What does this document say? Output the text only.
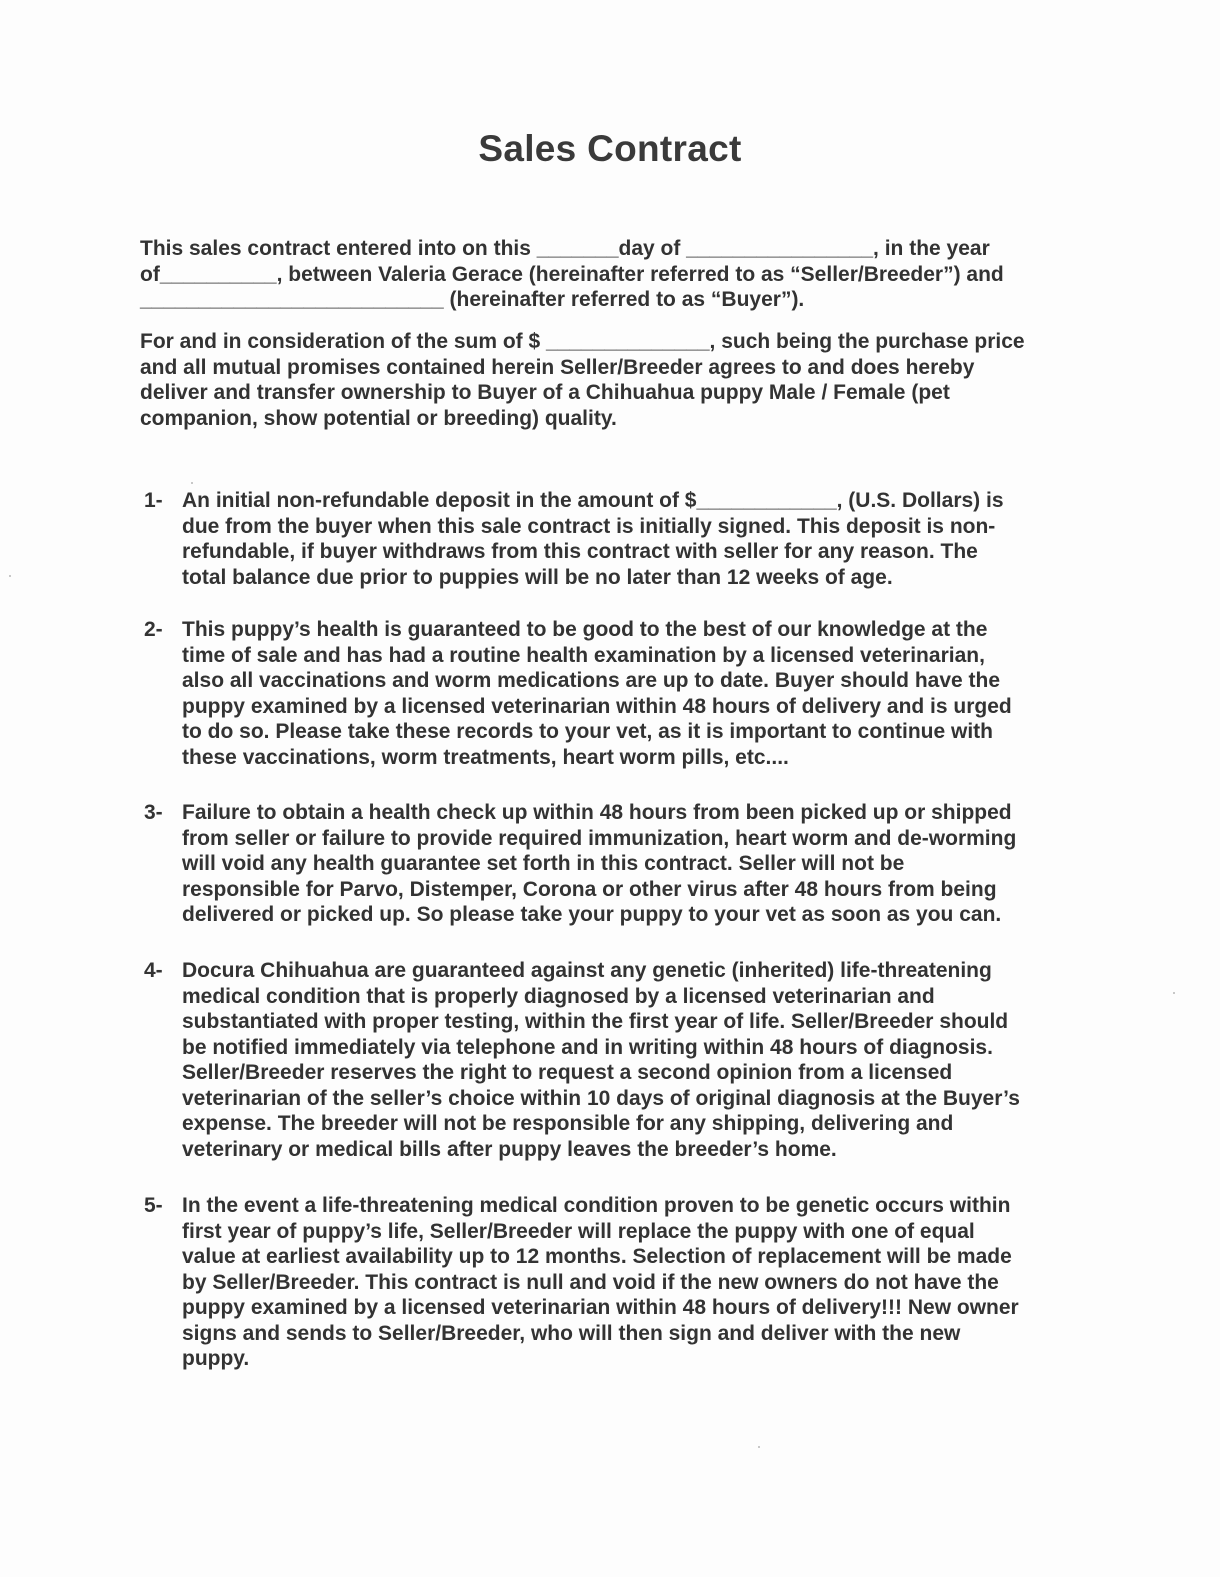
Sales Contract
This sales contract entered into on this _______day of ________________, in the year
of__________, between Valeria Gerace (hereinafter referred to as “Seller/Breeder”) and
__________________________ (hereinafter referred to as “Buyer”).
For and in consideration of the sum of $ ______________, such being the purchase price
and all mutual promises contained herein Seller/Breeder agrees to and does hereby
deliver and transfer ownership to Buyer of a Chihuahua puppy Male / Female (pet
companion, show potential or breeding) quality.
1- An initial non-refundable deposit in the amount of $____________, (U.S. Dollars) is
due from the buyer when this sale contract is initially signed. This deposit is non-
refundable, if buyer withdraws from this contract with seller for any reason. The
total balance due prior to puppies will be no later than 12 weeks of age.
2- This puppy’s health is guaranteed to be good to the best of our knowledge at the
time of sale and has had a routine health examination by a licensed veterinarian,
also all vaccinations and worm medications are up to date. Buyer should have the
puppy examined by a licensed veterinarian within 48 hours of delivery and is urged
to do so. Please take these records to your vet, as it is important to continue with
these vaccinations, worm treatments, heart worm pills, etc....
3- Failure to obtain a health check up within 48 hours from been picked up or shipped
from seller or failure to provide required immunization, heart worm and de-worming
will void any health guarantee set forth in this contract. Seller will not be
responsible for Parvo, Distemper, Corona or other virus after 48 hours from being
delivered or picked up. So please take your puppy to your vet as soon as you can.
4- Docura Chihuahua are guaranteed against any genetic (inherited) life-threatening
medical condition that is properly diagnosed by a licensed veterinarian and
substantiated with proper testing, within the first year of life. Seller/Breeder should
be notified immediately via telephone and in writing within 48 hours of diagnosis.
Seller/Breeder reserves the right to request a second opinion from a licensed
veterinarian of the seller’s choice within 10 days of original diagnosis at the Buyer’s
expense. The breeder will not be responsible for any shipping, delivering and
veterinary or medical bills after puppy leaves the breeder’s home.
5- In the event a life-threatening medical condition proven to be genetic occurs within
first year of puppy’s life, Seller/Breeder will replace the puppy with one of equal
value at earliest availability up to 12 months. Selection of replacement will be made
by Seller/Breeder. This contract is null and void if the new owners do not have the
puppy examined by a licensed veterinarian within 48 hours of delivery!!! New owner
signs and sends to Seller/Breeder, who will then sign and deliver with the new
puppy.
